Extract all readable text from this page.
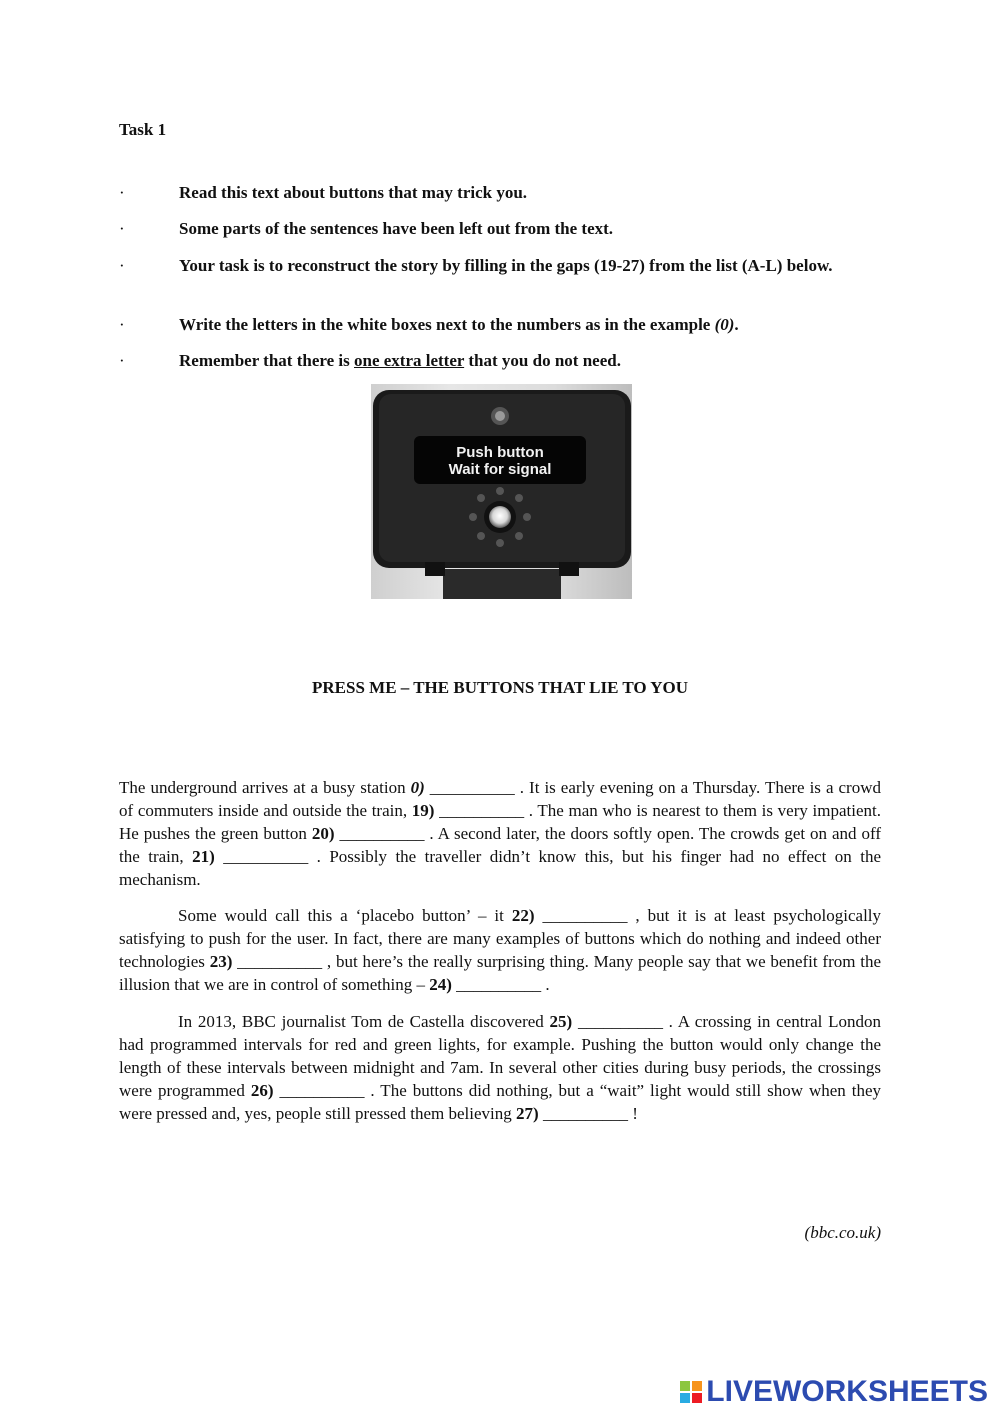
Task 1
·	Read this text about buttons that may trick you.
·	Some parts of the sentences have been left out from the text.
·	Your task is to reconstruct the story by filling in the gaps (19-27) from the list (A-L) below.
·	Write the letters in the white boxes next to the numbers as in the example (0).
·	Remember that there is one extra letter that you do not need.
Push button
Wait for signal
PRESS ME – THE BUTTONS THAT LIE TO YOU

The underground arrives at a busy station 0) __________ . It is early evening on a Thursday. There is a crowd of commuters inside and outside the train, 19) __________ . The man who is nearest to them is very impatient. He pushes the green button 20) __________ . A second later, the doors softly open. The crowds get on and off the train, 21) __________ . Possibly the traveller didn’t know this, but his finger had no effect on the mechanism.

Some would call this a ‘placebo button’ – it 22) __________ , but it is at least psychologically satisfying to push for the user. In fact, there are many examples of buttons which do nothing and indeed other technologies 23) __________ , but here’s the really surprising thing. Many people say that we benefit from the illusion that we are in control of something – 24) __________ .

In 2013, BBC journalist Tom de Castella discovered 25) __________ . A crossing in central London had programmed intervals for red and green lights, for example. Pushing the button would only change the length of these intervals between midnight and 7am. In several other cities during busy periods, the crossings were programmed 26) __________ . The buttons did nothing, but a “wait” light would still show when they were pressed and, yes, people still pressed them believing 27) __________ !

(bbc.co.uk)
LIVEWORKSHEETS
